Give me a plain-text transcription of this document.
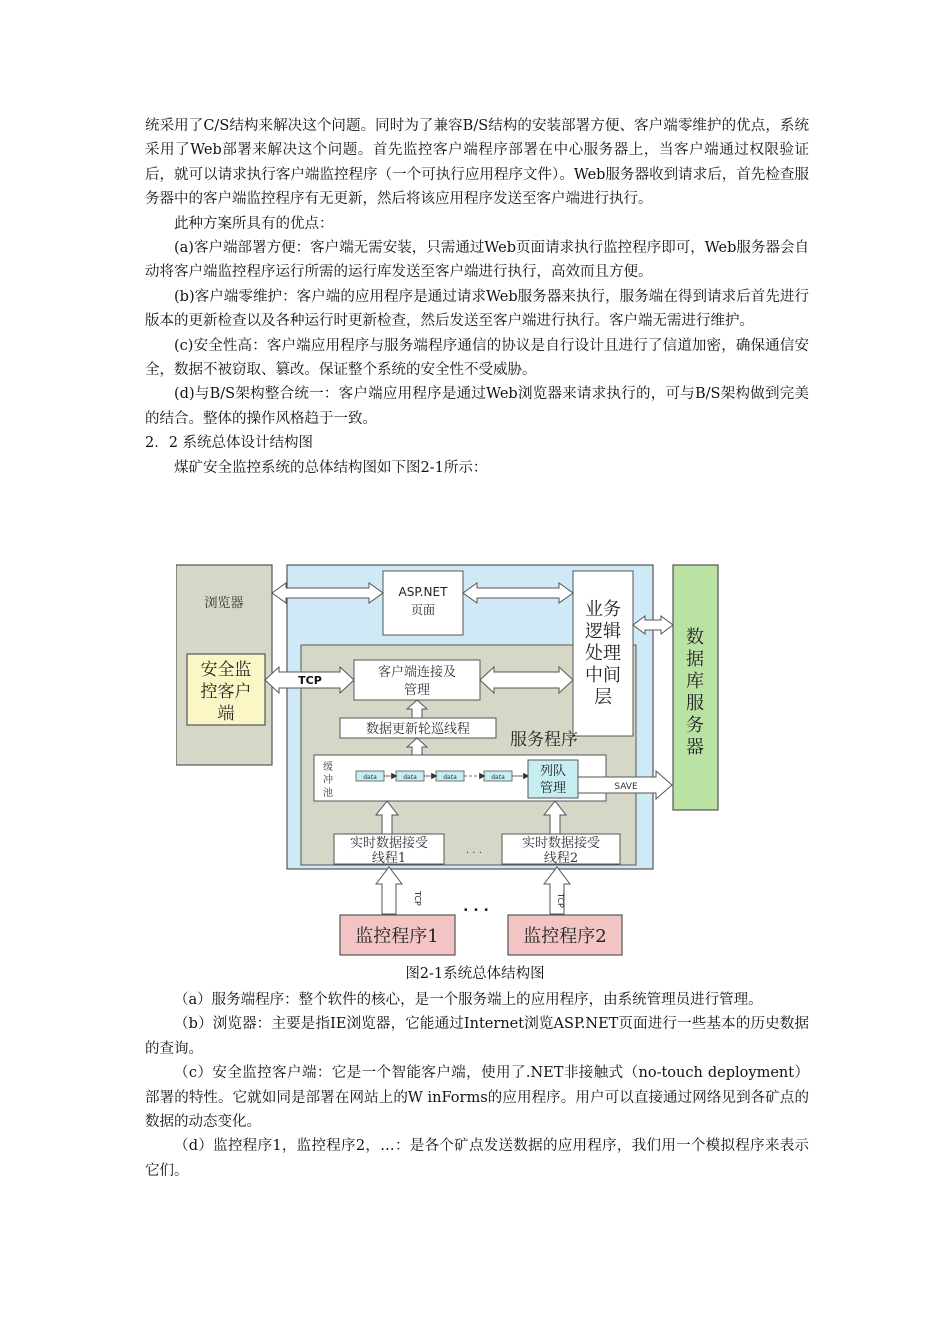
统采用了C/S结构来解决这个问题。同时为了兼容B/S结构的安装部署方便、客户端零维护的优点，系统采用了Web部署来解决这个问题。首先监控客户端程序部署在中心服务器上，当客户端通过权限验证后，就可以请求执行客户端监控程序（一个可执行应用程序文件）。Web服务器收到请求后，首先检查服务器中的客户端监控程序有无更新，然后将该应用程序发送至客户端进行执行。

此种方案所具有的优点：

(a)客户端部署方便：客户端无需安装，只需通过Web页面请求执行监控程序即可，Web服务器会自动将客户端监控程序运行所需的运行库发送至客户端进行执行，高效而且方便。

(b)客户端零维护：客户端的应用程序是通过请求Web服务器来执行，服务端在得到请求后首先进行版本的更新检查以及各种运行时更新检查，然后发送至客户端进行执行。客户端无需进行维护。

(c)安全性高：客户端应用程序与服务端程序通信的协议是自行设计且进行了信道加密，确保通信安全，数据不被窃取、篡改。保证整个系统的安全性不受威胁。

(d)与B/S架构整合统一：客户端应用程序是通过Web浏览器来请求执行的，可与B/S架构做到完美的结合。整体的操作风格趋于一致。

2．2 系统总体设计结构图

煤矿安全监控系统的总体结构图如下图2-1所示：

浏览器
安全监
控客户
端
ASP.NET
页面	业务
逻辑
处理
中间
层
数
据
库
服
务
器
客户端连接及
管理
数据更新轮巡线程
服务程序
缓
冲
池
data	data	data	data	列队
管理	SAVE
实时数据接受
线程1
实时数据接受
线程2
. . .
TCP
TCP	TCP
. . .
监控程序1	监控程序2
图2-1系统总体结构图

（a）服务端程序：整个软件的核心，是一个服务端上的应用程序，由系统管理员进行管理。

（b）浏览器：主要是指IE浏览器，它能通过Internet浏览ASP.NET页面进行一些基本的历史数据的查询。

（c）安全监控客户端：它是一个智能客户端，使用了.NET非接触式（no-touch deployment）部署的特性。它就如同是部署在网站上的W inForms的应用程序。用户可以直接通过网络见到各矿点的数据的动态变化。

（d）监控程序1，监控程序2，…：是各个矿点发送数据的应用程序，我们用一个模拟程序来表示它们。
